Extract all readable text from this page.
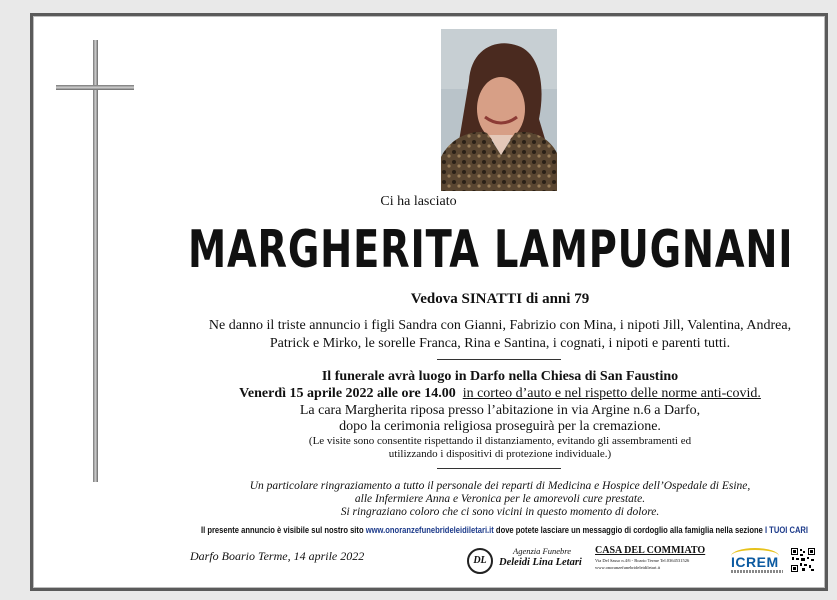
Ci ha lasciato
MARGHERITA LAMPUGNANI
Vedova SINATTI di anni 79
Ne danno il triste annuncio i figli Sandra con Gianni, Fabrizio con Mina, i nipoti Jill, Valentina, Andrea,
Patrick e Mirko, le sorelle Franca, Rina e Santina, i cognati, i nipoti e parenti tutti.
Il funerale avrà luogo in Darfo nella Chiesa di San Faustino
Venerdì 15 aprile 2022 alle ore 14.00 in corteo d’auto e nel rispetto delle norme anti-covid.
La cara Margherita riposa presso l’abitazione in via Argine n.6 a Darfo,
dopo la cerimonia religiosa proseguirà per la cremazione.
(Le visite sono consentite rispettando il distanziamento, evitando gli assembramenti ed
utilizzando i dispositivi di protezione individuale.)
Un particolare ringraziamento a tutto il personale dei reparti di Medicina e Hospice dell’Ospedale di Esine,
alle Infermiere Anna e Veronica per le amorevoli cure prestate.
Si ringraziano coloro che ci sono vicini in questo momento di dolore.
Il presente annuncio è visibile sul nostro sito www.onoranzefunebrideleidiletari.it dove potete lasciare un messaggio di cordoglio alla famiglia nella sezione I TUOI CARI
Darfo Boario Terme, 14 aprile 2022	DL
Agenzia Funebre
Deleidi Lina Letari
CASA DEL COMMIATO
Via Del Sasso n.4/6 - Boario Terme Tel.0364531526
www.onoranzefunebrideleidiletari.it	ICREM
